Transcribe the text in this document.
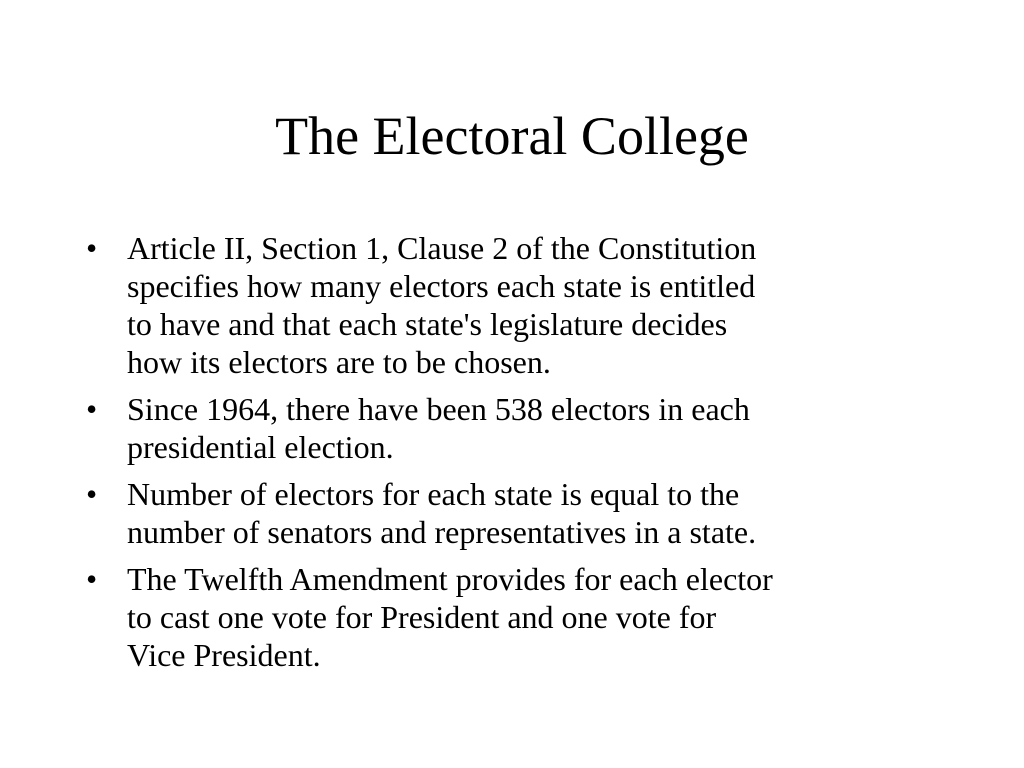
The Electoral College
• Article II, Section 1, Clause 2 of the Constitution
specifies how many electors each state is entitled
to have and that each state's legislature decides
how its electors are to be chosen.
• Since 1964, there have been 538 electors in each
presidential election.
• Number of electors for each state is equal to the
number of senators and representatives in a state.
• The Twelfth Amendment provides for each elector
to cast one vote for President and one vote for
Vice President.
